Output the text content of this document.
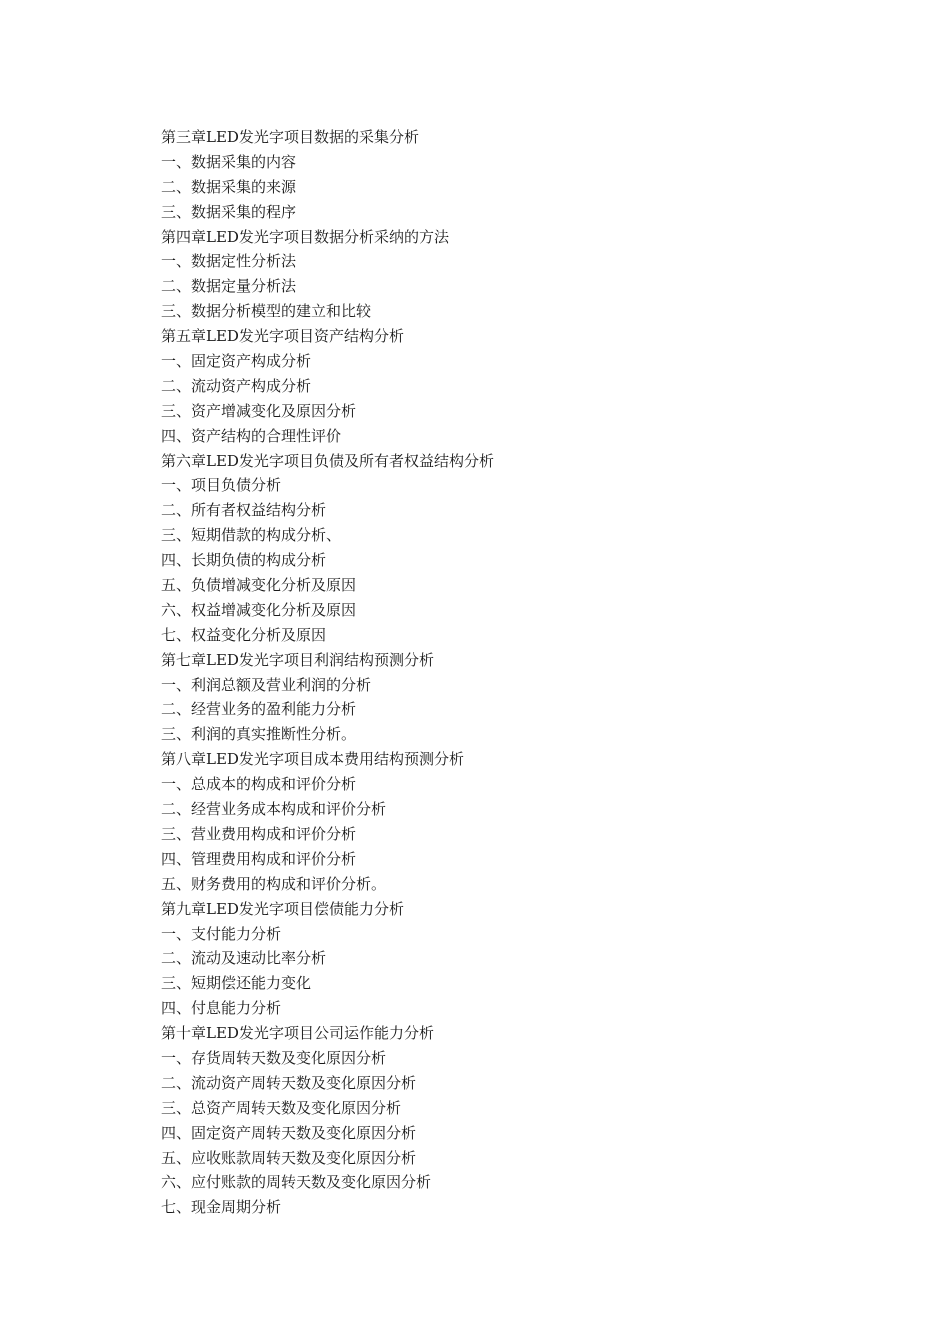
第三章LED发光字项目数据的采集分析
一、数据采集的内容
二、数据采集的来源
三、数据采集的程序
第四章LED发光字项目数据分析采纳的方法
一、数据定性分析法
二、数据定量分析法
三、数据分析模型的建立和比较
第五章LED发光字项目资产结构分析
一、固定资产构成分析
二、流动资产构成分析
三、资产增减变化及原因分析
四、资产结构的合理性评价
第六章LED发光字项目负债及所有者权益结构分析
一、项目负债分析
二、所有者权益结构分析
三、短期借款的构成分析、
四、长期负债的构成分析
五、负债增减变化分析及原因
六、权益增减变化分析及原因
七、权益变化分析及原因
第七章LED发光字项目利润结构预测分析
一、利润总额及营业利润的分析
二、经营业务的盈利能力分析
三、利润的真实推断性分析。
第八章LED发光字项目成本费用结构预测分析
一、总成本的构成和评价分析
二、经营业务成本构成和评价分析
三、营业费用构成和评价分析
四、管理费用构成和评价分析
五、财务费用的构成和评价分析。
第九章LED发光字项目偿债能力分析
一、支付能力分析
二、流动及速动比率分析
三、短期偿还能力变化
四、付息能力分析
第十章LED发光字项目公司运作能力分析
一、存货周转天数及变化原因分析
二、流动资产周转天数及变化原因分析
三、总资产周转天数及变化原因分析
四、固定资产周转天数及变化原因分析
五、应收账款周转天数及变化原因分析
六、应付账款的周转天数及变化原因分析
七、现金周期分析
